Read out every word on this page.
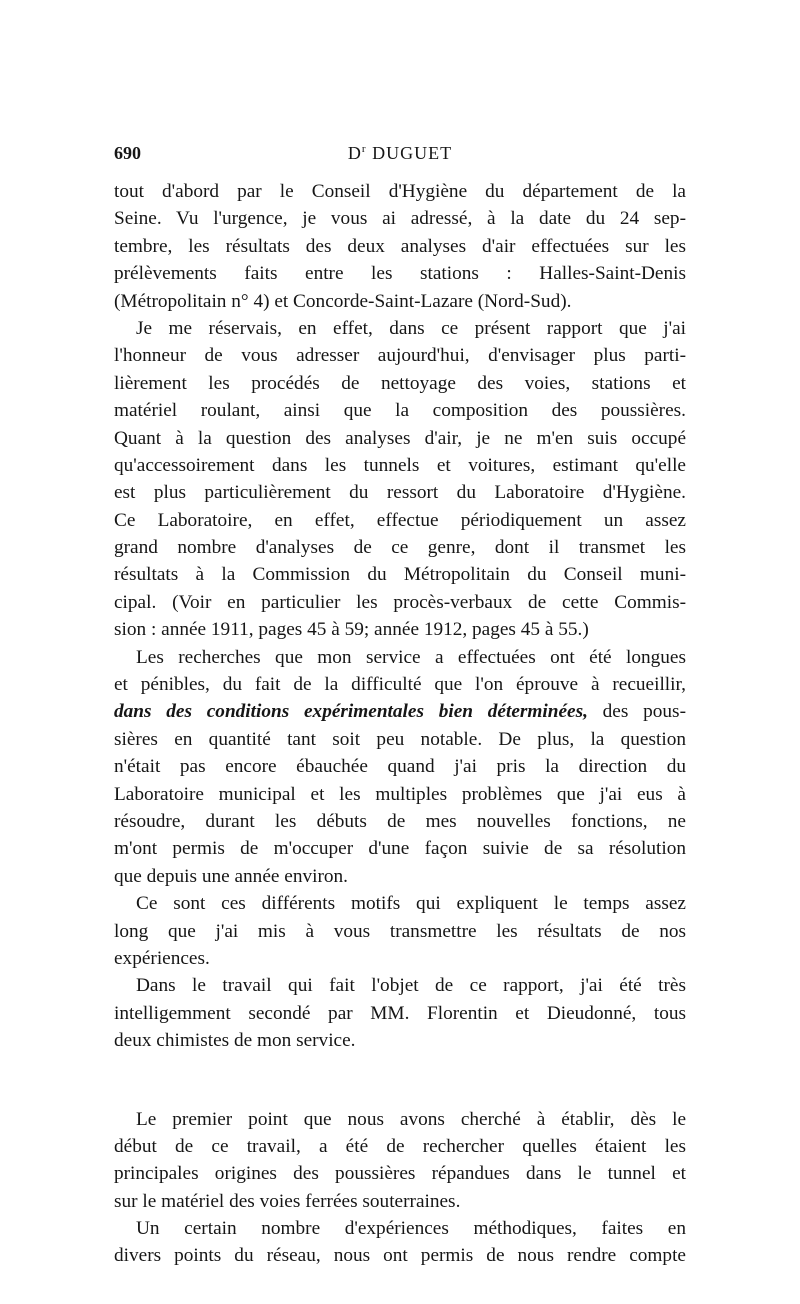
690	$D^r$ DUGUET
tout d'abord par le Conseil d'Hygiène du département de la
Seine. Vu l'urgence, je vous ai adressé, à la date du 24 sep-
tembre, les résultats des deux analyses d'air effectuées sur les
prélèvements faits entre les stations : Halles-Saint-Denis
(Métropolitain n° 4) et Concorde-Saint-Lazare (Nord-Sud).
Je me réservais, en effet, dans ce présent rapport que j'ai
l'honneur de vous adresser aujourd'hui, d'envisager plus parti-
lièrement les procédés de nettoyage des voies, stations et
matériel roulant, ainsi que la composition des poussières.
Quant à la question des analyses d'air, je ne m'en suis occupé
qu'accessoirement dans les tunnels et voitures, estimant qu'elle
est plus particulièrement du ressort du Laboratoire d'Hygiène.
Ce Laboratoire, en effet, effectue périodiquement un assez
grand nombre d'analyses de ce genre, dont il transmet les
résultats à la Commission du Métropolitain du Conseil muni-
cipal. (Voir en particulier les procès-verbaux de cette Commis-
sion : année 1911, pages 45 à 59; année 1912, pages 45 à 55.)
Les recherches que mon service a effectuées ont été longues
et pénibles, du fait de la difficulté que l'on éprouve à recueillir,
dans des conditions expérimentales bien déterminées, des pous-
sières en quantité tant soit peu notable. De plus, la question
n'était pas encore ébauchée quand j'ai pris la direction du
Laboratoire municipal et les multiples problèmes que j'ai eus à
résoudre, durant les débuts de mes nouvelles fonctions, ne
m'ont permis de m'occuper d'une façon suivie de sa résolution
que depuis une année environ.
Ce sont ces différents motifs qui expliquent le temps assez
long que j'ai mis à vous transmettre les résultats de nos
expériences.
Dans le travail qui fait l'objet de ce rapport, j'ai été très
intelligemment secondé par MM. Florentin et Dieudonné, tous
deux chimistes de mon service.
Le premier point que nous avons cherché à établir, dès le
début de ce travail, a été de rechercher quelles étaient les
principales origines des poussières répandues dans le tunnel et
sur le matériel des voies ferrées souterraines.
Un certain nombre d'expériences méthodiques, faites en
divers points du réseau, nous ont permis de nous rendre compte
